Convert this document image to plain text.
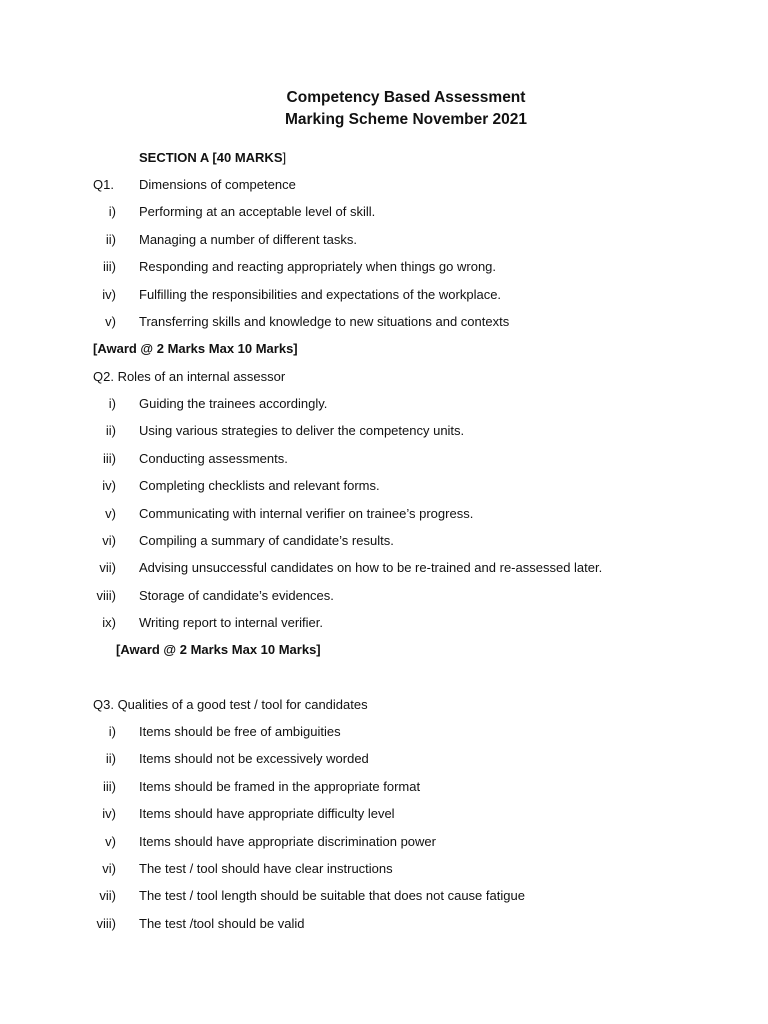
Competency Based Assessment
Marking Scheme November 2021
SECTION A [40 MARKS]
Q1. Dimensions of competence
i) Performing at an acceptable level of skill.
ii) Managing a number of different tasks.
iii) Responding and reacting appropriately when things go wrong.
iv) Fulfilling the responsibilities and expectations of the workplace.
v) Transferring skills and knowledge to new situations and contexts
[Award @ 2 Marks Max 10 Marks]
Q2. Roles of an internal assessor
i) Guiding the trainees accordingly.
ii) Using various strategies to deliver the competency units.
iii) Conducting assessments.
iv) Completing checklists and relevant forms.
v) Communicating with internal verifier on trainee’s progress.
vi) Compiling a summary of candidate’s results.
vii) Advising unsuccessful candidates on how to be re-trained and re-assessed later.
viii) Storage of candidate’s evidences.
ix) Writing report to internal verifier.
[Award @ 2 Marks Max 10 Marks]
Q3. Qualities of a good test / tool for candidates
i) Items should be free of ambiguities
ii) Items should not be excessively worded
iii) Items should be framed in the appropriate format
iv) Items should have appropriate difficulty level
v) Items should have appropriate discrimination power
vi) The test / tool should have clear instructions
vii) The test / tool length should be suitable that does not cause fatigue
viii) The test /tool should be valid
